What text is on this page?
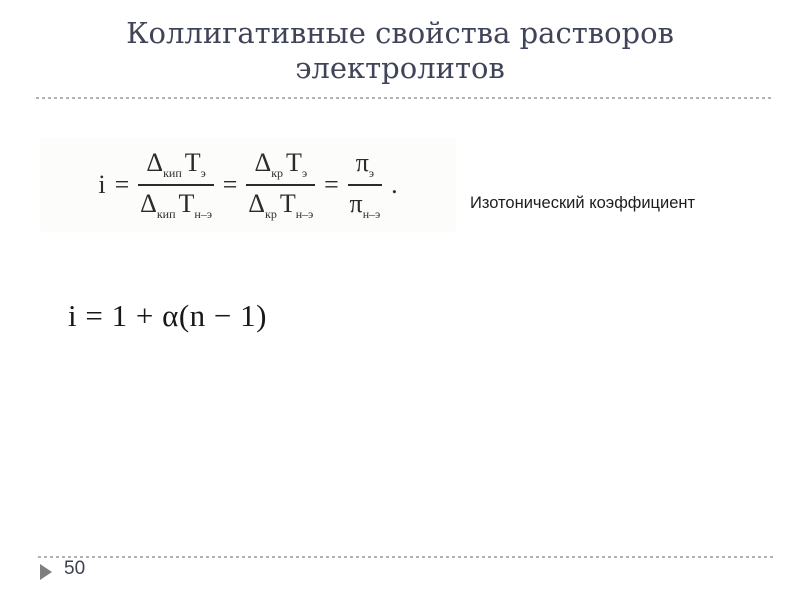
Коллигативные свойства растворов электролитов
$i = \frac{\Delta_{кип} T_э}{\Delta_{кип} T_{н-э}} = \frac{\Delta_{кр} T_э}{\Delta_{кр} T_{н-э}} = \frac{\pi_э}{\pi_{н-э}}$ .
Изотонический коэффициент
i = 1 + α(n − 1)
50
